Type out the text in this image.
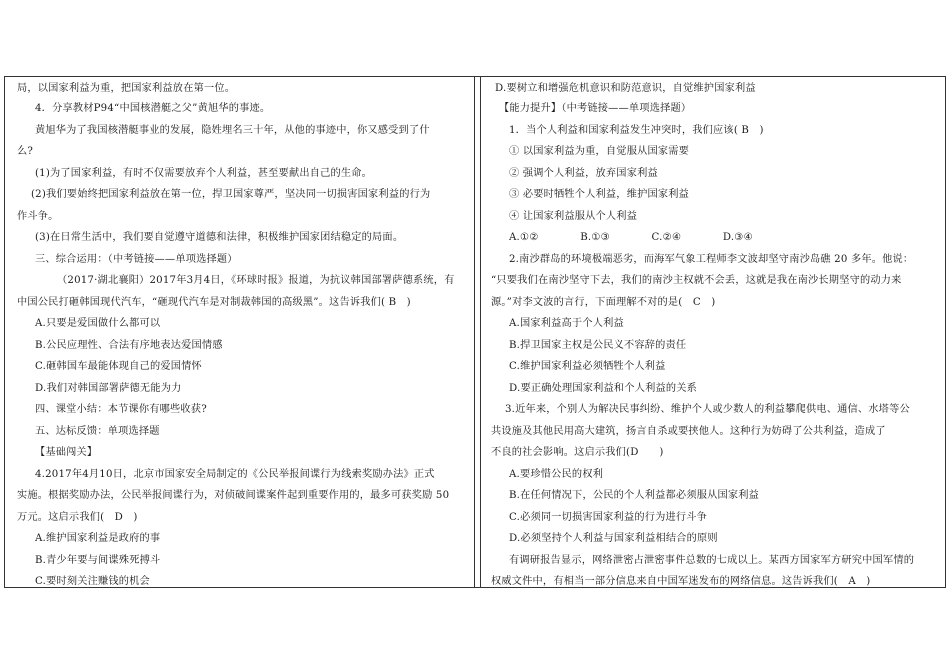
局，以国家利益为重，把国家利益放在第一位。
4．分享教材P94“中国核潜艇之父”黄旭华的事迹。
黄旭华为了我国核潜艇事业的发展，隐姓埋名三十年，从他的事迹中，你又感受到了什
么?
(1)为了国家利益，有时不仅需要放弃个人利益，甚至要献出自己的生命。
(2)我们要始终把国家利益放在第一位，捍卫国家尊严，坚决同一切损害国家利益的行为
作斗争。
(3)在日常生活中，我们要自觉遵守道德和法律，积极维护国家团结稳定的局面。
三、综合运用：（中考链接——单项选择题）
（2017·湖北襄阳）2017年3月4日，《环球时报》报道，为抗议韩国部署萨德系统，有
中国公民打砸韩国现代汽车，“砸现代汽车是对制裁韩国的高级黑”。这告诉我们( B　)
A.只要是爱国做什么都可以
B.公民应理性、合法有序地表达爱国情感
C.砸韩国车最能体现自己的爱国情怀
D.我们对韩国部署萨德无能为力
四、课堂小结：本节课你有哪些收获?
五、达标反馈：单项选择题
【基础闯关】
4.2017年4月10日，北京市国家安全局制定的《公民举报间谍行为线索奖励办法》正式
实施。根据奖励办法，公民举报间谍行为，对侦破间谍案件起到重要作用的，最多可获奖励 50
万元。这启示我们(　D　)
A.维护国家利益是政府的事
B.青少年要与间谍殊死搏斗
C.要时刻关注赚钱的机会
D.要树立和增强危机意识和防范意识，自觉维护国家利益
【能力提升】（中考链接——单项选择题）
1．当个人利益和国家利益发生冲突时，我们应该( B　)
① 以国家利益为重，自觉服从国家需要
② 强调个人利益，放弃国家利益
③ 必要时牺牲个人利益，维护国家利益
④ 让国家利益服从个人利益
A.①②　　　　B.①③　　　　C.②④　　　　D.③④
2.南沙群岛的环境极端恶劣，而海军气象工程师李文波却坚守南沙岛礁 20 多年。他说：
“只要我们在南沙坚守下去，我们的南沙主权就不会丢，这就是我在南沙长期坚守的动力来
源。”对李文波的言行，下面理解不对的是(　C　)
A.国家利益高于个人利益
B.捍卫国家主权是公民义不容辞的责任
C.维护国家利益必须牺牲个人利益
D.要正确处理国家利益和个人利益的关系
3.近年来，个别人为解决民事纠纷、维护个人或少数人的利益攀爬供电、通信、水塔等公
共设施及其他民用高大建筑，扬言自杀或要挟他人。这种行为妨碍了公共利益，造成了
不良的社会影响。这启示我们(D　　)
A.要珍惜公民的权利
B.在任何情况下，公民的个人利益都必须服从国家利益
C.必须同一切损害国家利益的行为进行斗争
D.必须坚持个人利益与国家利益相结合的原则
有调研报告显示，网络泄密占泄密事件总数的七成以上。某西方国家军方研究中国军情的
权威文件中，有相当一部分信息来自中国军迷发布的网络信息。这告诉我们(　A　)
